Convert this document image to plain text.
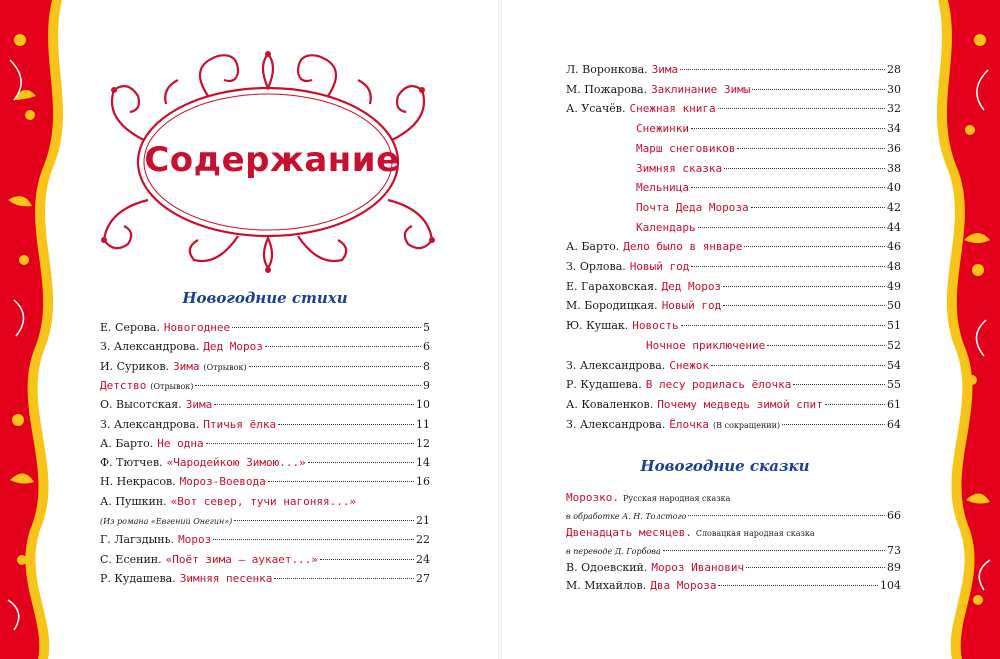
Содержание
Новогодние стихи
Е. Серова. Новогоднее	5
З. Александрова. Дед Мороз	6
И. Суриков. Зима (Отрывок)	8
Детство (Отрывок)	9
О. Высотская. Зима	10
З. Александрова. Птичья ёлка	11
А. Барто. Не одна	12
Ф. Тютчев. «Чародейкою Зимою...»	14
Н. Некрасов. Мороз-Воевода	16
А. Пушкин. «Вот север, тучи нагоняя...»
(Из романа «Евгений Онегин»)	21
Г. Лагздынь. Мороз	22
С. Есенин. «Поёт зима — аукает...»	24
Р. Кудашева. Зимняя песенка	27
Л. Воронкова. Зима	28
М. Пожарова. Заклинание Зимы	30
А. Усачёв. Снежная книга	32
Снежинки	34
Марш снеговиков	36
Зимняя сказка	38
Мельница	40
Почта Деда Мороза	42
Календарь	44
А. Барто. Дело было в январе	46
З. Орлова. Новый год	48
Е. Гараховская. Дед Мороз	49
М. Бородицкая. Новый год	50
Ю. Кушак. Новость	51
Ночное приключение	52
З. Александрова. Снежок	54
Р. Кудашева. В лесу родилась ёлочка	55
А. Коваленков. Почему медведь зимой спит	61
З. Александрова. Ёлочка (В сокращении)	64
Новогодние сказки
Морозко. Русская народная сказка
в обработке А. Н. Толстого	66
Двенадцать месяцев. Словацкая народная сказка
в переводе Д. Горбова	73
В. Одоевский. Мороз Иванович	89
М. Михайлов. Два Мороза	104
